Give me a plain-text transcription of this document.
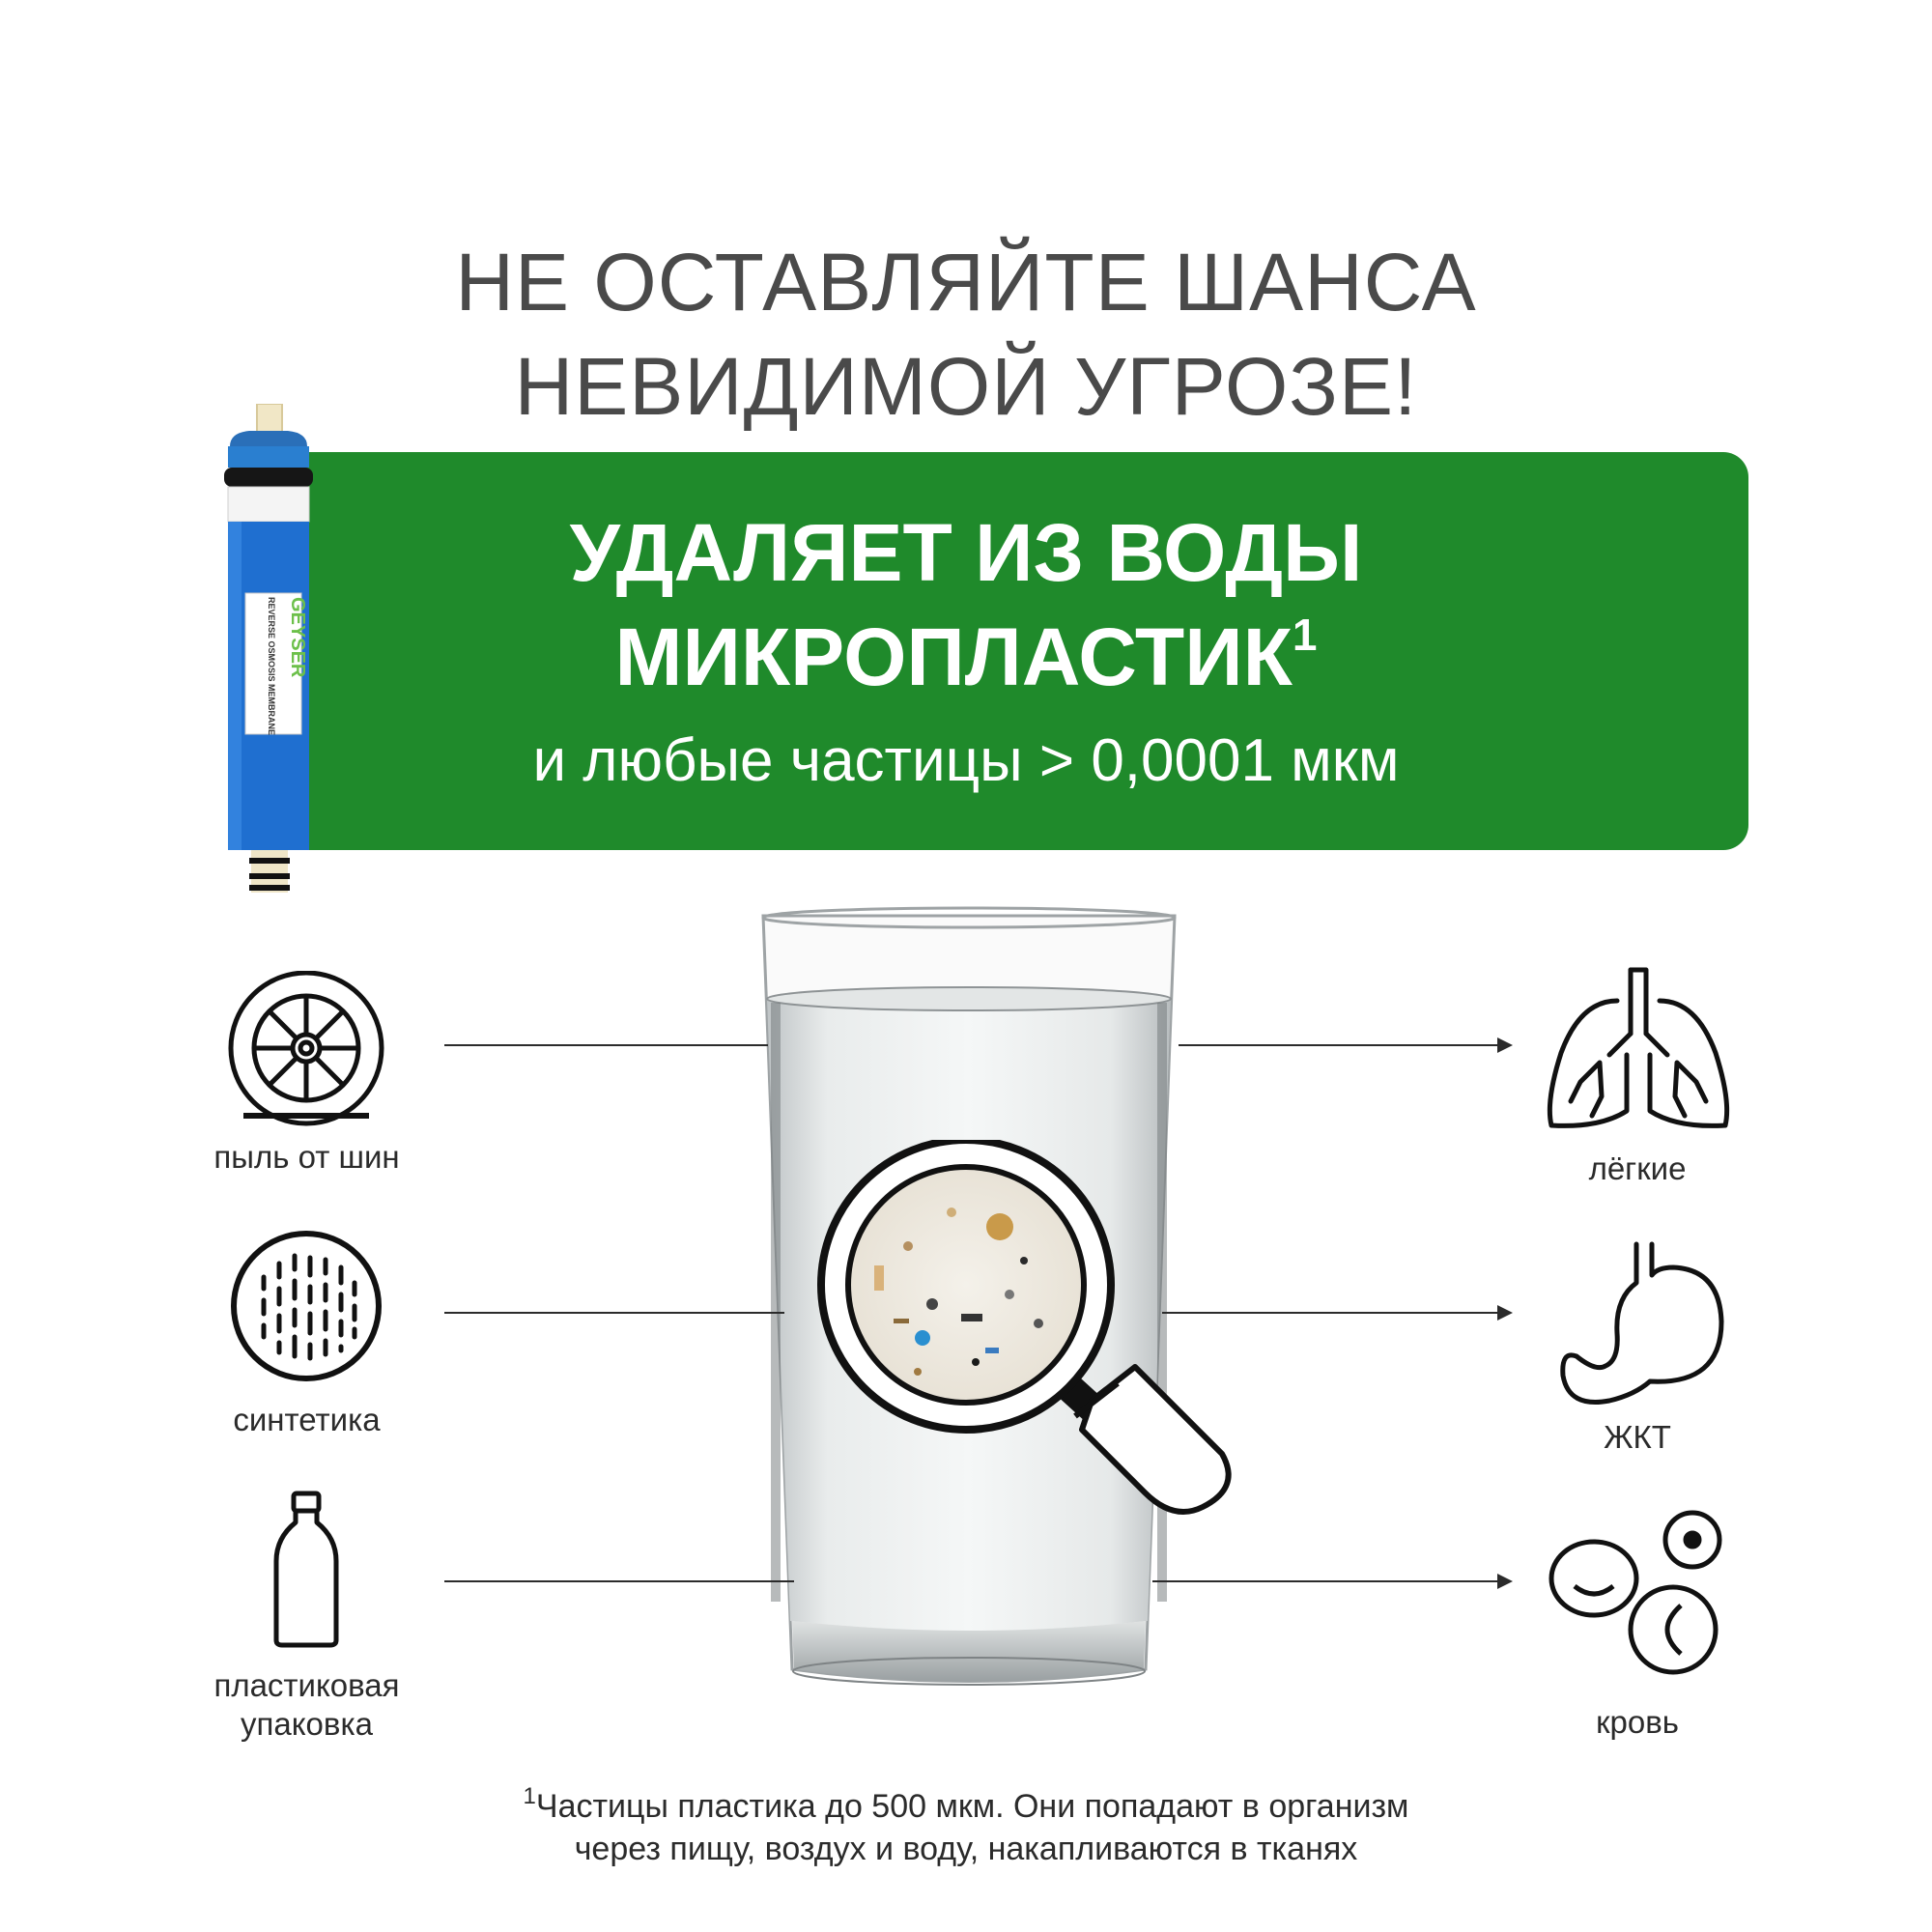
НЕ ОСТАВЛЯЙТЕ ШАНСА
НЕВИДИМОЙ УГРОЗЕ!
УДАЛЯЕТ ИЗ ВОДЫ
МИКРОПЛАСТИК$^1$
и любые частицы > 0,0001 мкм
GEYSER
REVERSE OSMOSIS MEMBRANE
пыль от шин
синтетика
пластиковая
упаковка
лёгкие
ЖКТ
кровь
$^1$Частицы пластика до 500 мкм. Они попадают в организм
через пищу, воздух и воду, накапливаются в тканях
